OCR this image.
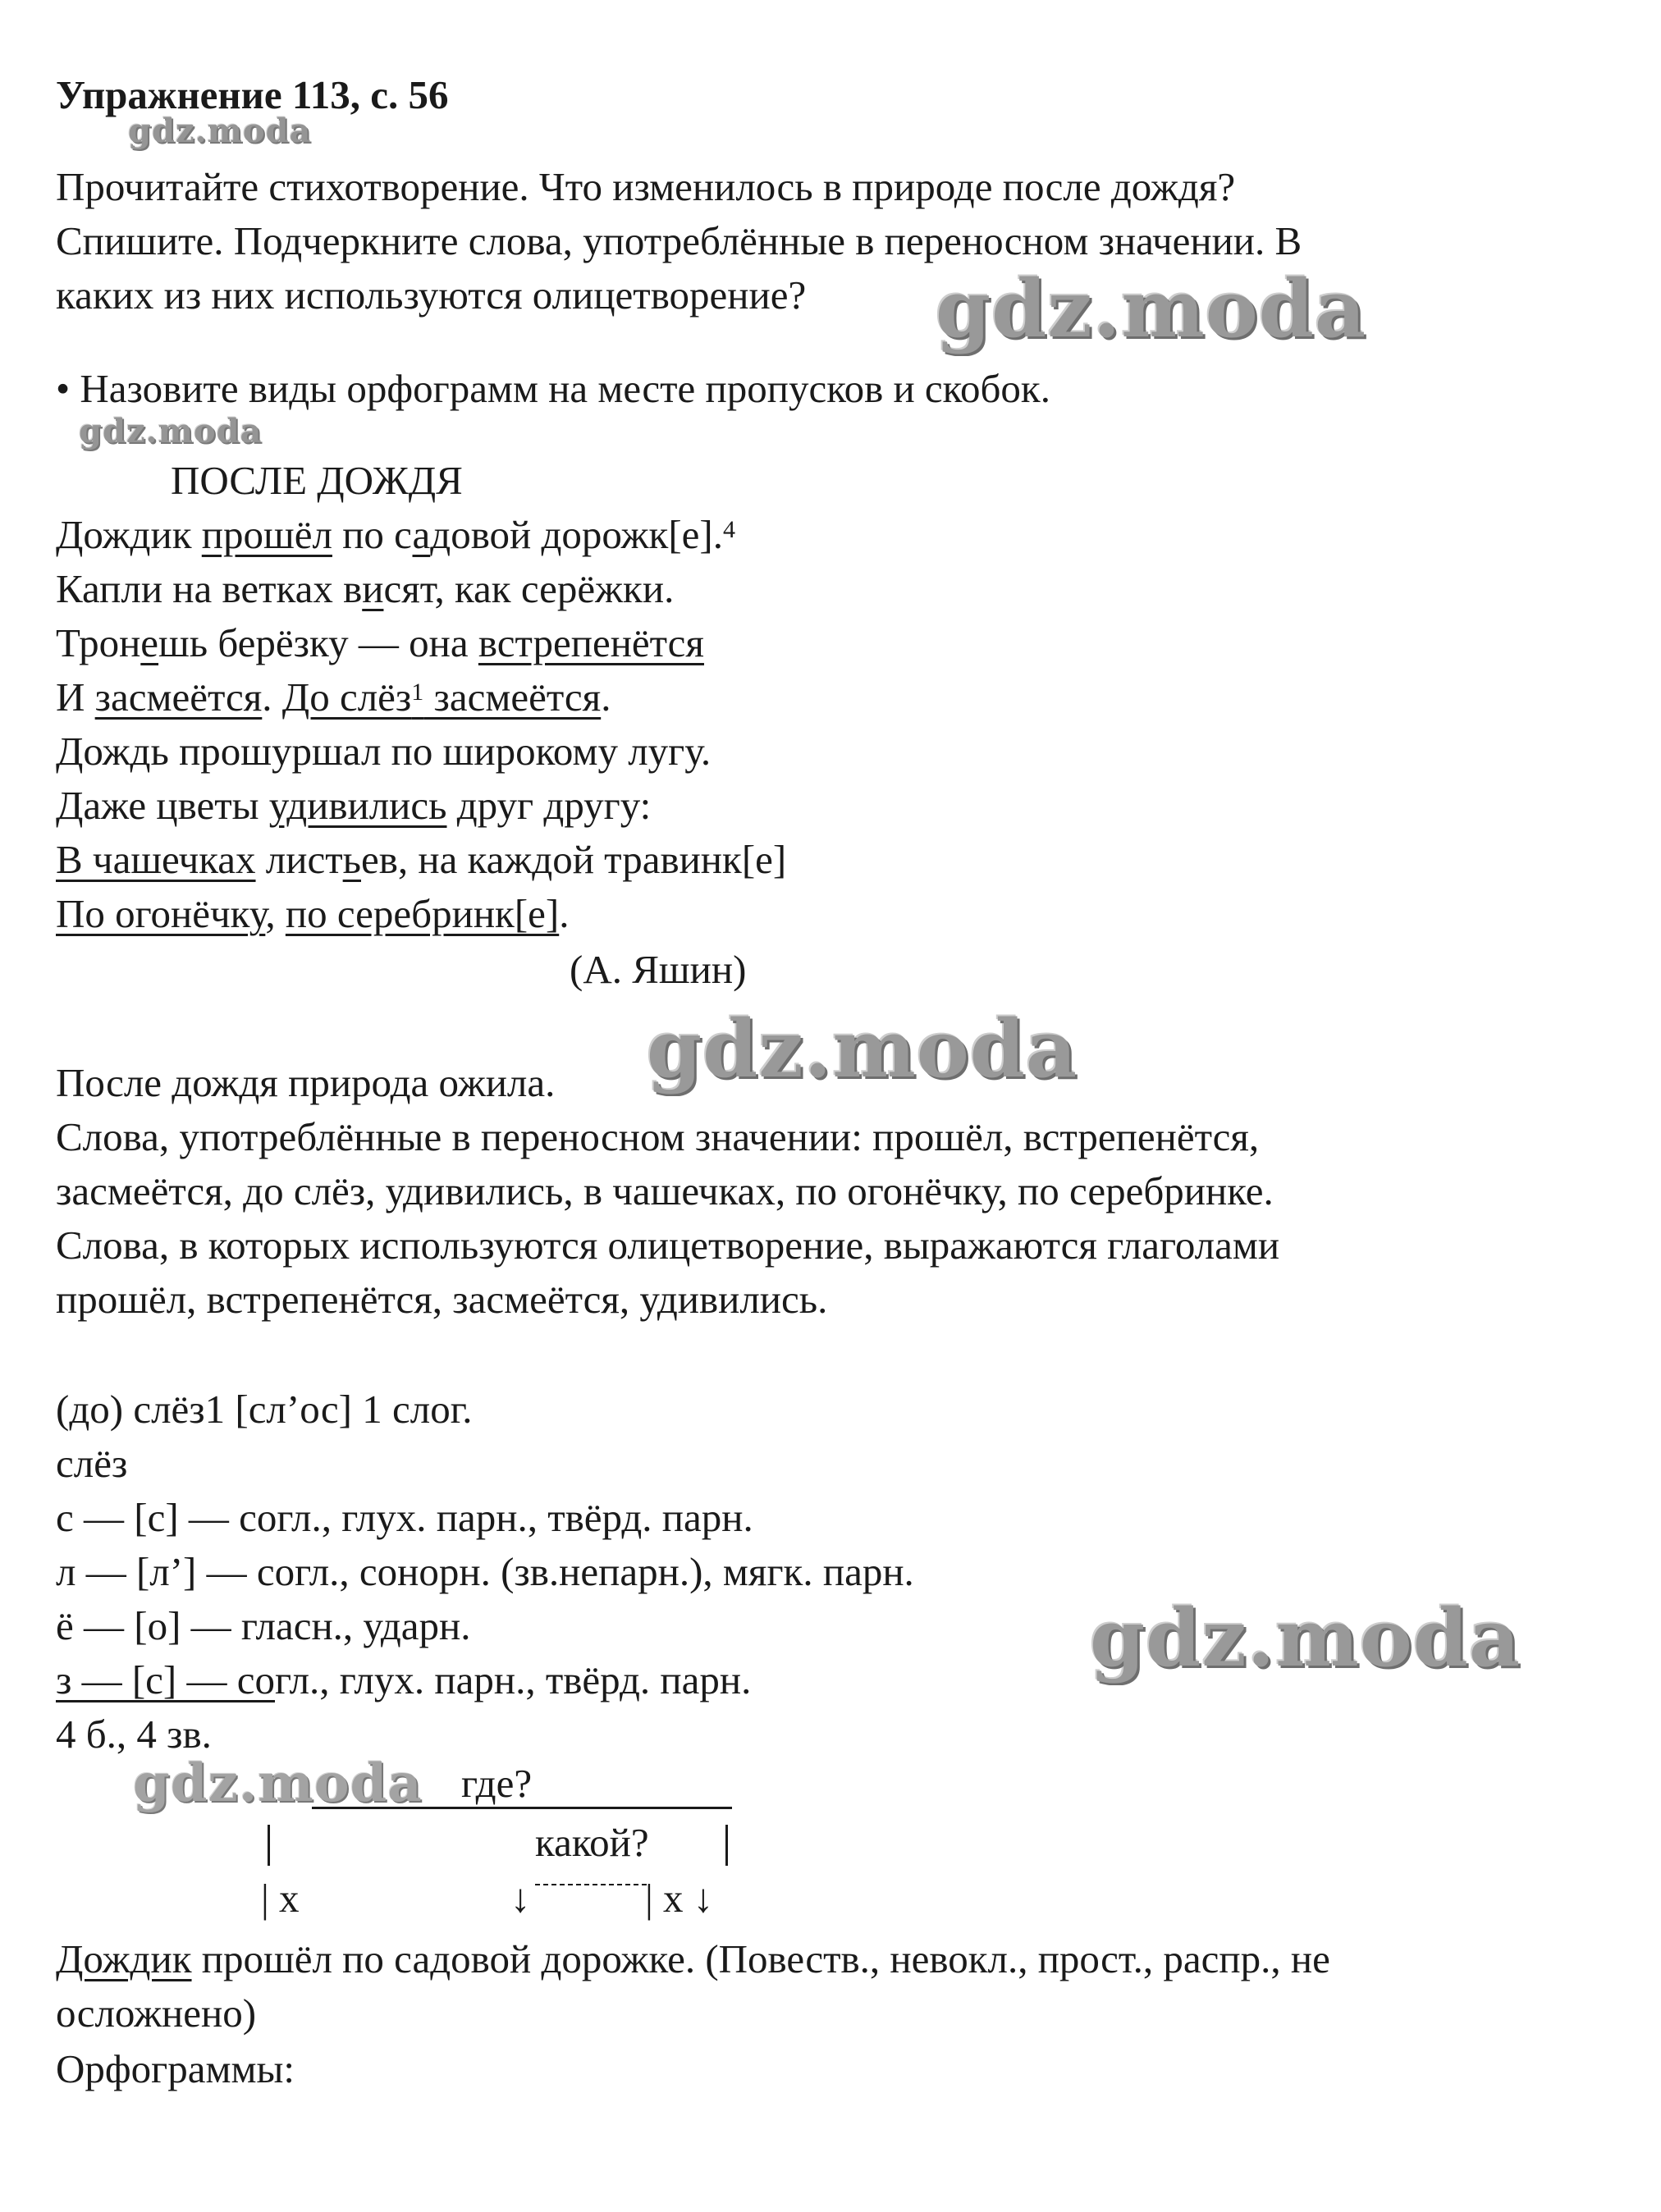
Упражнение 113, с. 56
Прочитайте стихотворение. Что изменилось в природе после дождя?
Спишите. Подчеркните слова, употреблённые в переносном значении. В
каких из них используются олицетворение?
• Назовите виды орфограмм на месте пропусков и скобок.
ПОСЛЕ ДОЖДЯ
Дождик прошёл по садовой дорожк[е].$^4$
Капли на ветках висят, как серёжки.
Тронешь берёзку — она встрепенётся
И засмеётся. До слёз$^1$ засмеётся.
Дождь прошуршал по широкому лугу.
Даже цветы удивились друг другу:
В чашечках листьев, на каждой травинк[е]
По огонёчку, по серебринк[е].
(А. Яшин)
После дождя природа ожила.
Слова, употреблённые в переносном значении: прошёл, встрепенётся,
засмеётся, до слёз, удивились, в чашечках, по огонёчку, по серебринке.
Слова, в которых используются олицетворение, выражаются глаголами
прошёл, встрепенётся, засмеётся, удивились.
(до) слёз1 [сл’ос] 1 слог.
слёз
с — [с] — согл., глух. парн., твёрд. парн.
л — [л’] — согл., сонорн. (зв.непарн.), мягк. парн.
ё — [о] — гласн., ударн.
з — [с] — согл., глух. парн., твёрд. парн.
4 б., 4 зв.
где?
какой?
| х	↓	| х ↓
Дождик прошёл по садовой дорожке. (Повеств., невокл., прост., распр., не
осложнено)
Орфограммы:
gdz.moda
gdz.moda
gdz.moda
gdz.moda
gdz.moda
gdz.moda
